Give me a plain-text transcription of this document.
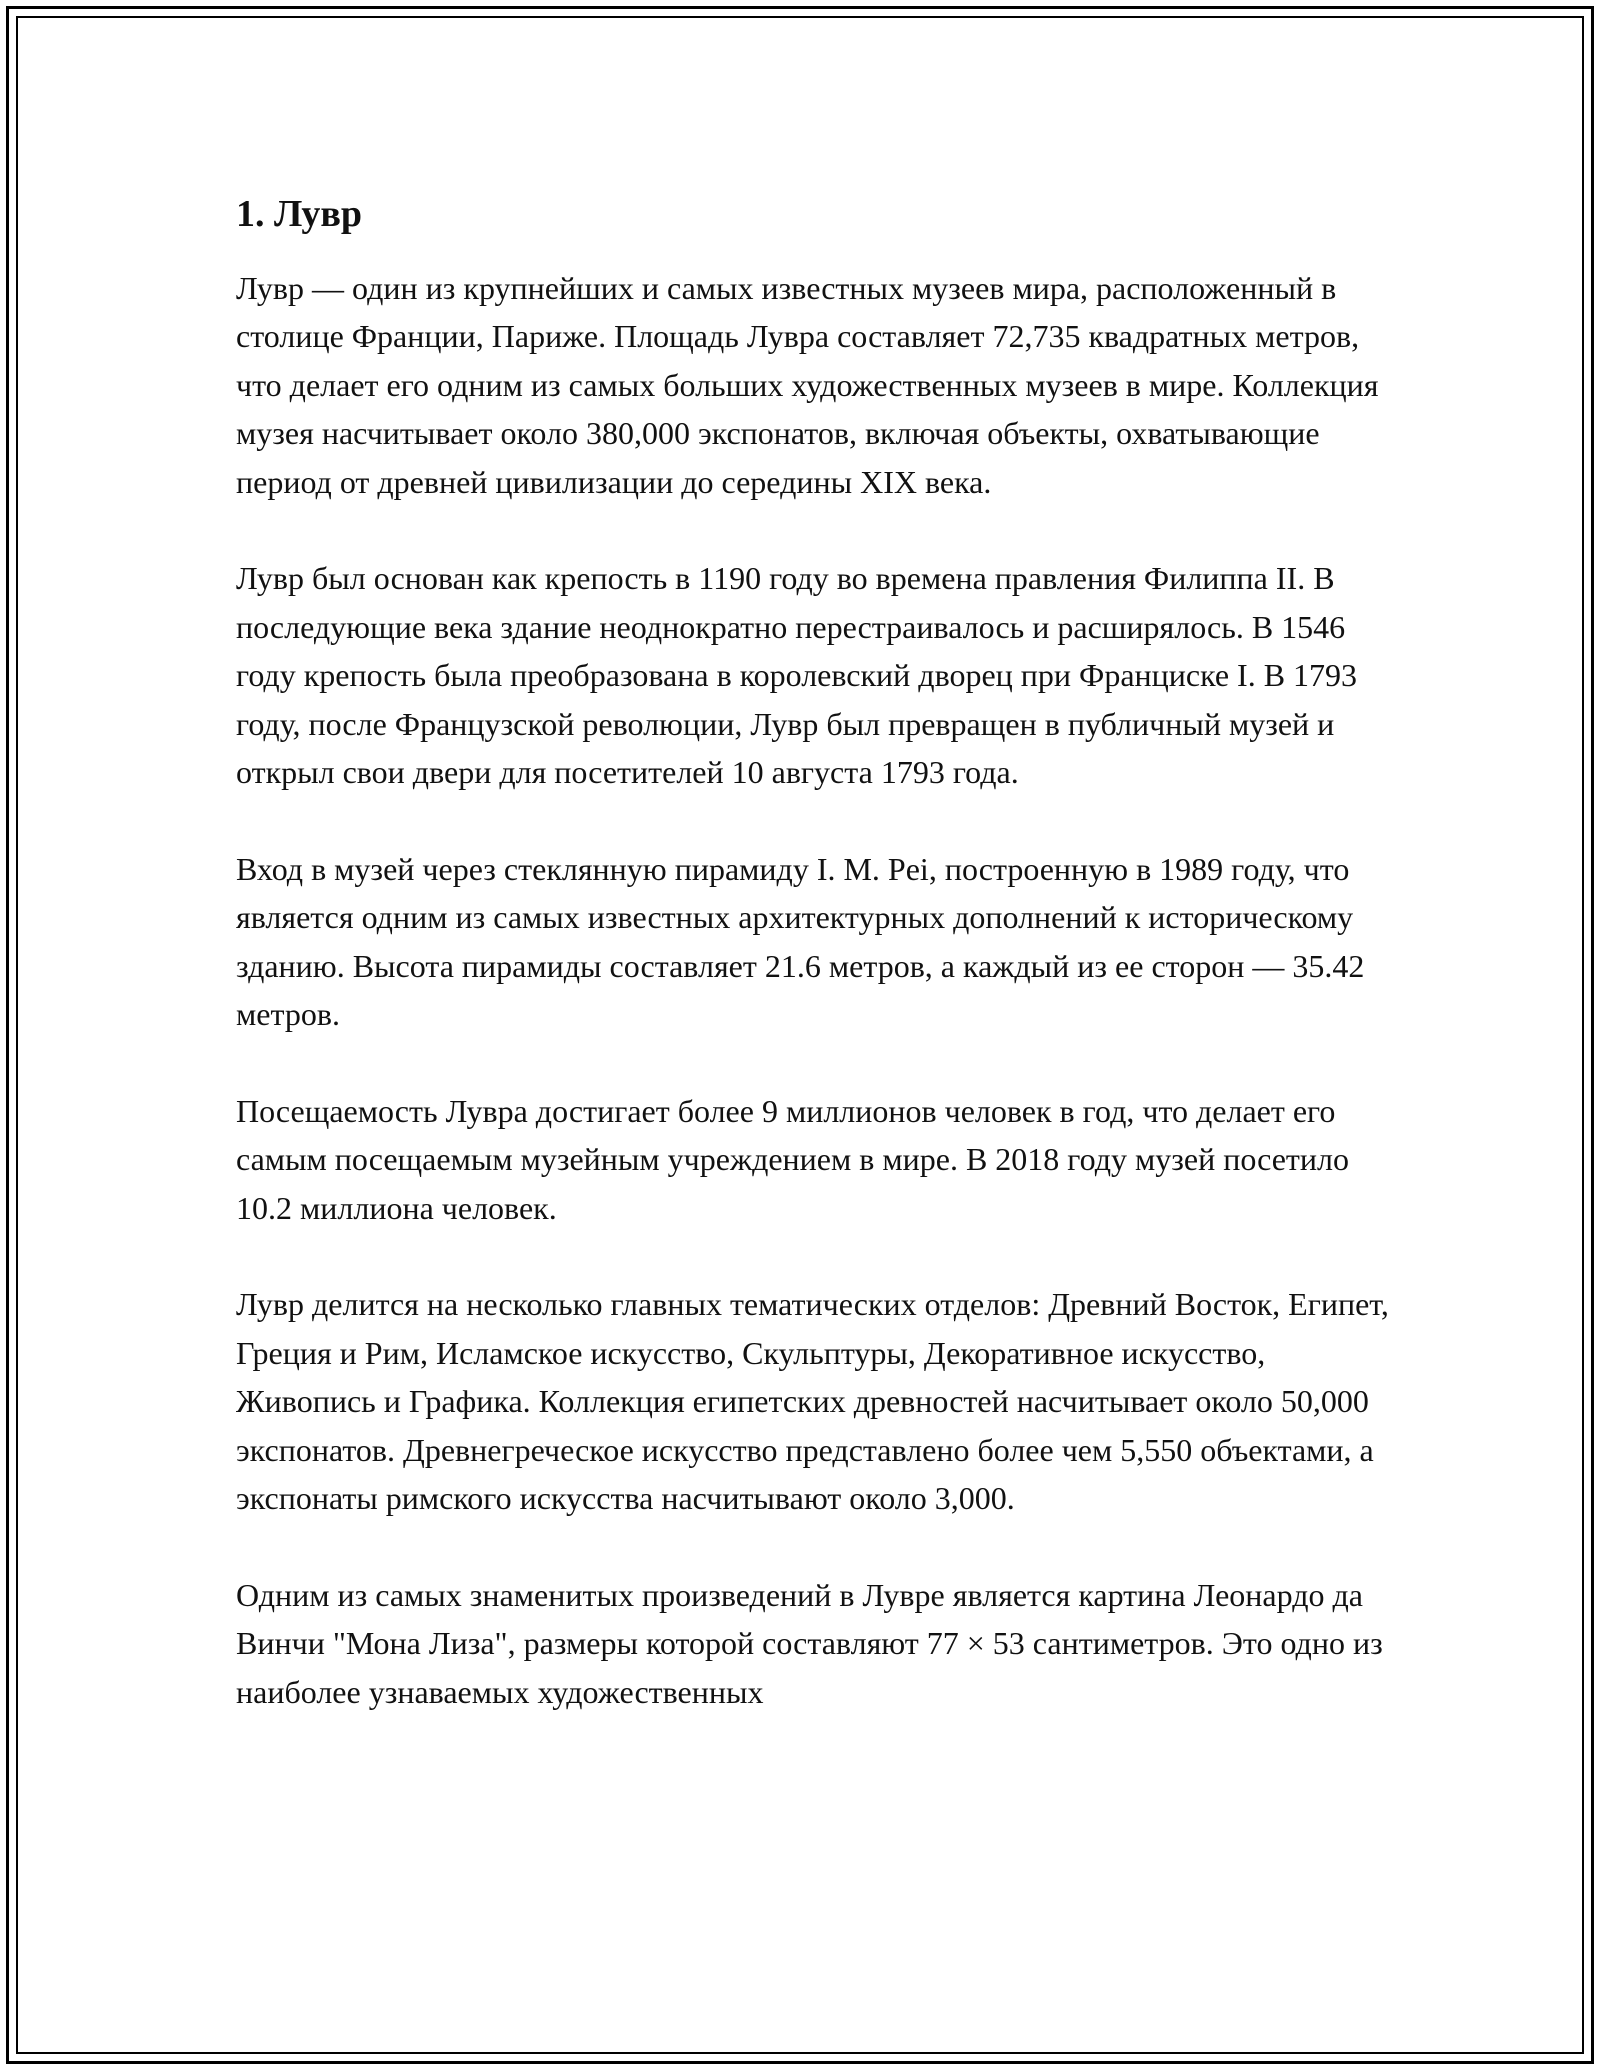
1. Лувр

Лувр — один из крупнейших и самых известных музеев мира, расположенный в столице Франции, Париже. Площадь Лувра составляет 72,735 квадратных метров, что делает его одним из самых больших художественных музеев в мире. Коллекция музея насчитывает около 380,000 экспонатов, включая объекты, охватывающие период от древней цивилизации до середины XIX века.

Лувр был основан как крепость в 1190 году во времена правления Филиппа II. В последующие века здание неоднократно перестраивалось и расширялось. В 1546 году крепость была преобразована в королевский дворец при Франциске I. В 1793 году, после Французской революции, Лувр был превращен в публичный музей и открыл свои двери для посетителей 10 августа 1793 года.

Вход в музей через стеклянную пирамиду I. M. Pei, построенную в 1989 году, что является одним из самых известных архитектурных дополнений к историческому зданию. Высота пирамиды составляет 21.6 метров, а каждый из ее сторон — 35.42 метров.

Посещаемость Лувра достигает более 9 миллионов человек в год, что делает его самым посещаемым музейным учреждением в мире. В 2018 году музей посетило 10.2 миллиона человек.

Лувр делится на несколько главных тематических отделов: Древний Восток, Египет, Греция и Рим, Исламское искусство, Скульптуры, Декоративное искусство, Живопись и Графика. Коллекция египетских древностей насчитывает около 50,000 экспонатов. Древнегреческое искусство представлено более чем 5,550 объектами, а экспонаты римского искусства насчитывают около 3,000.

Одним из самых знаменитых произведений в Лувре является картина Леонардо да Винчи "Мона Лиза", размеры которой составляют 77 × 53 сантиметров. Это одно из наиболее узнаваемых художественных
